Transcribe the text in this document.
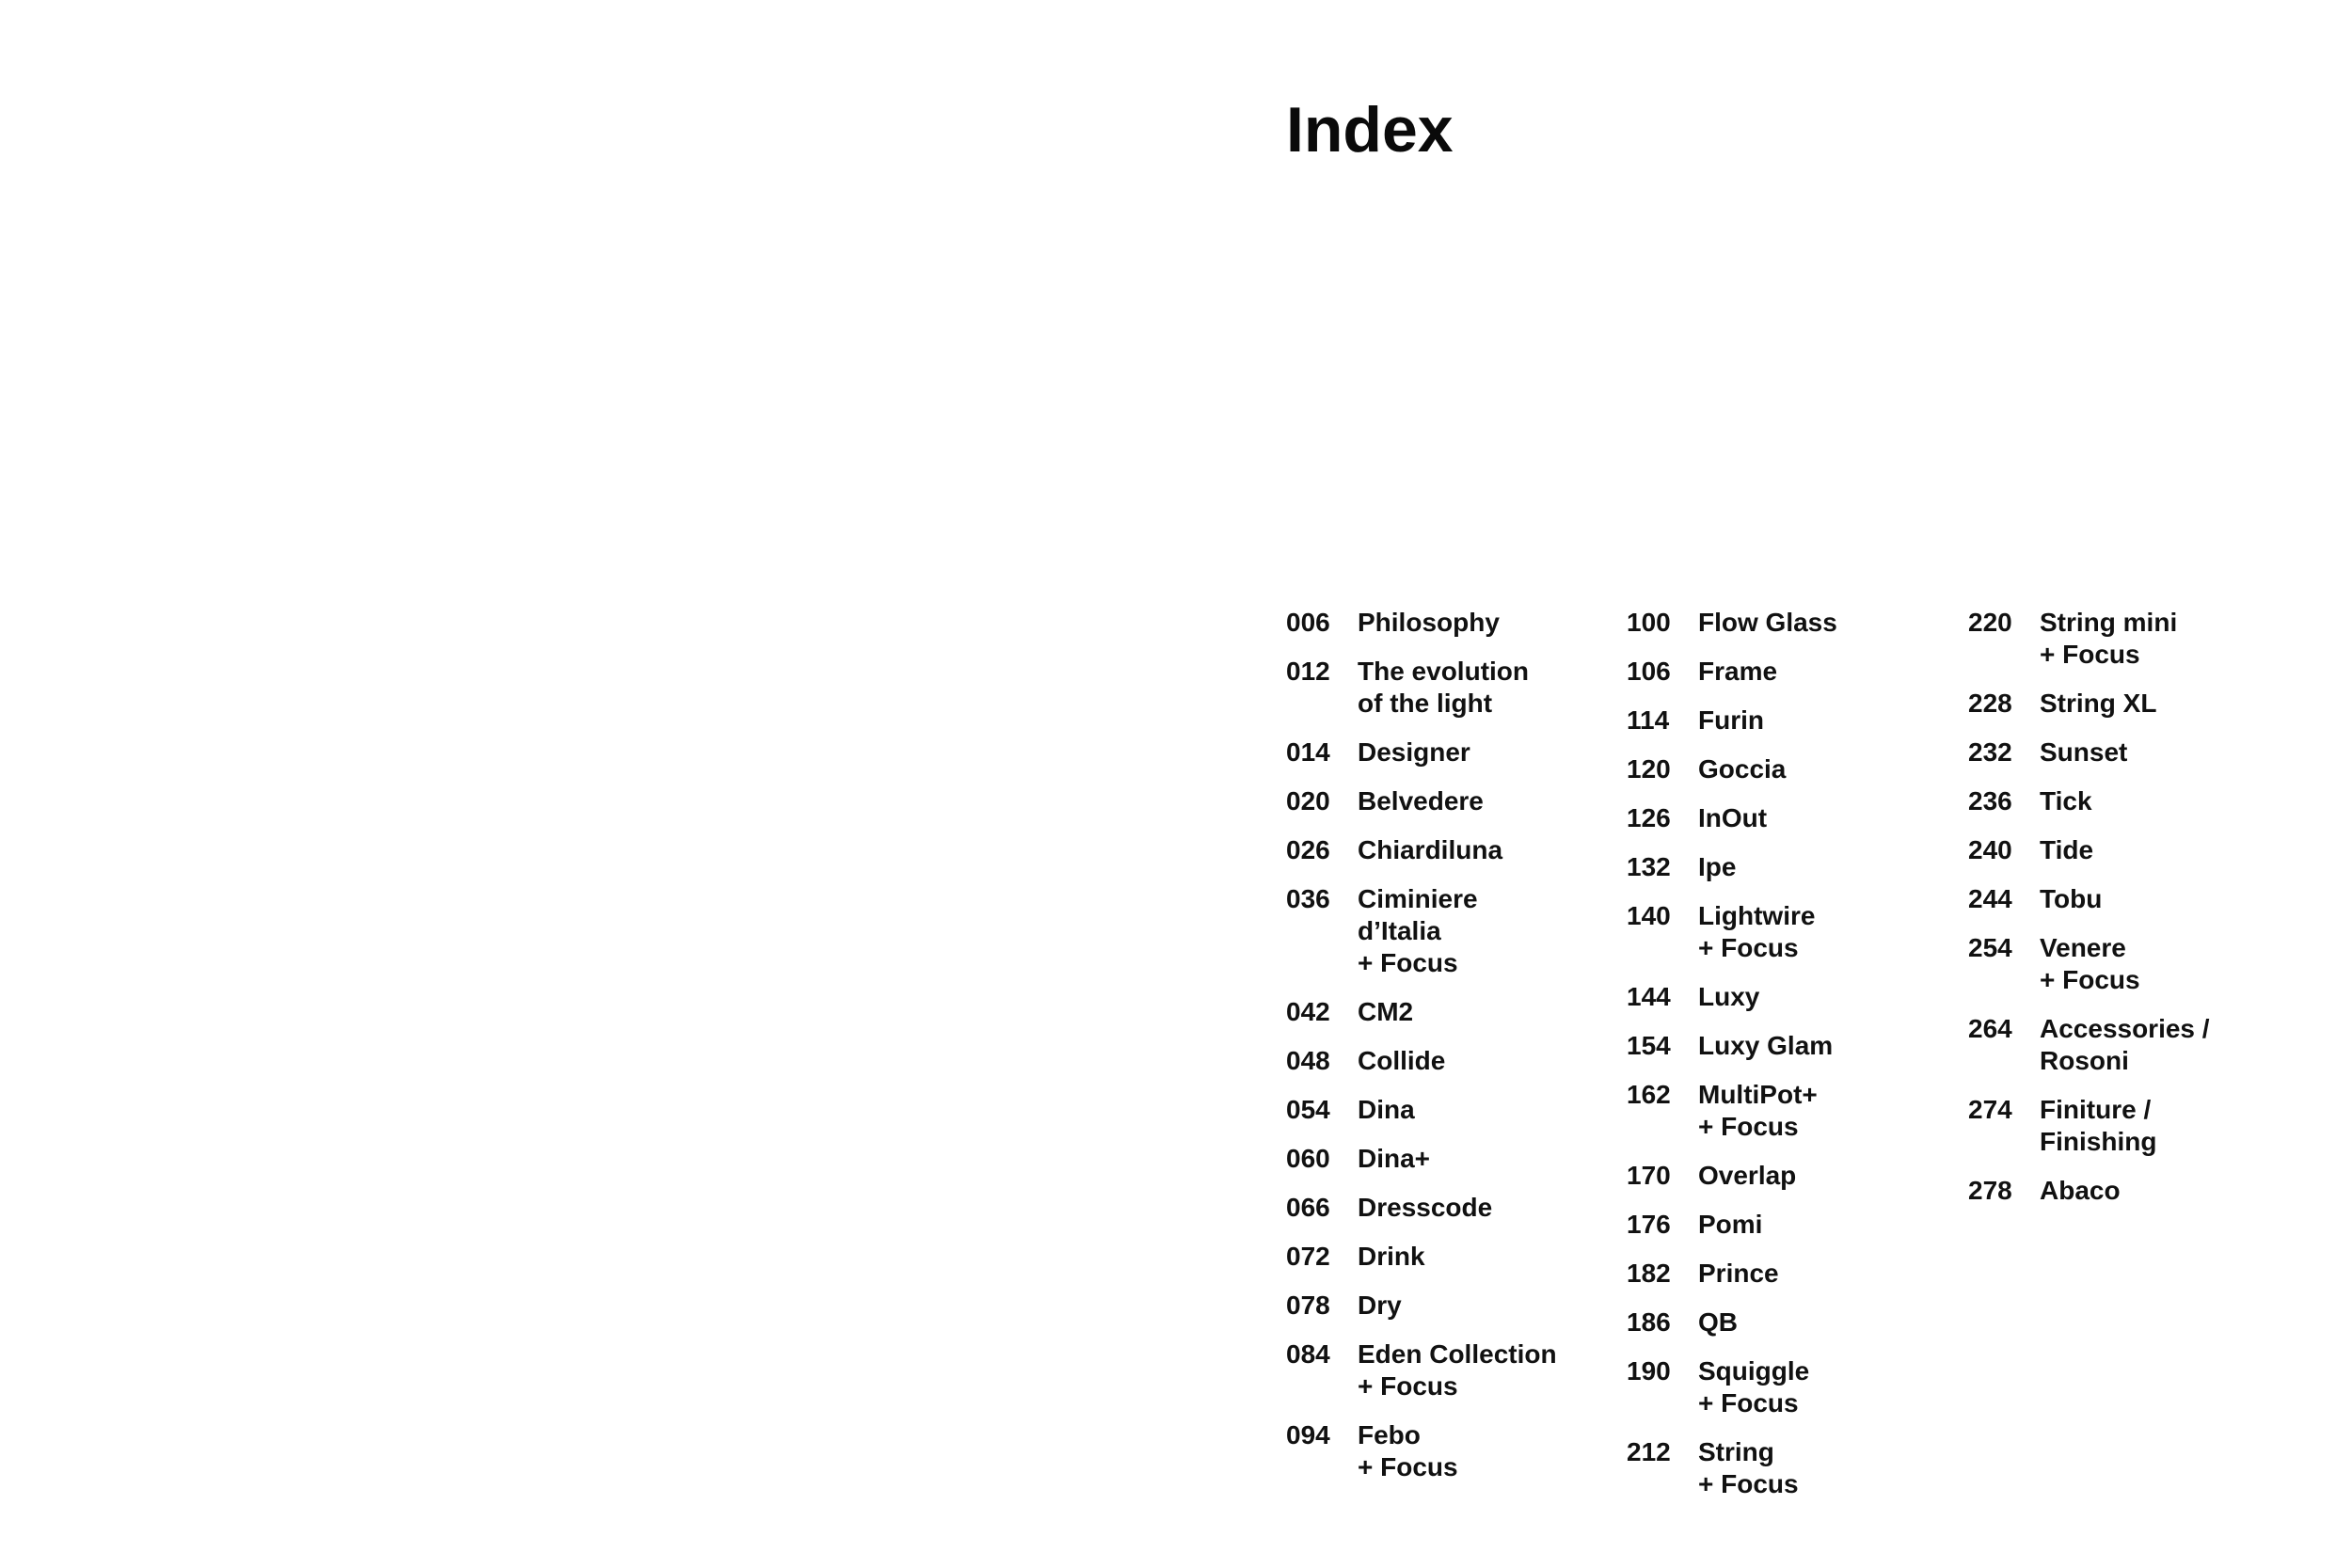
Index
006	Philosophy
012	The evolution
of the light
014	Designer
020	Belvedere
026	Chiardiluna
036	Ciminiere
d’Italia
+ Focus
042	CM2
048	Collide
054	Dina
060	Dina+
066	Dresscode
072	Drink
078	Dry
084	Eden Collection
+ Focus
094	Febo
+ Focus
100	Flow Glass
106	Frame
114	Furin
120	Goccia
126	InOut
132	Ipe
140	Lightwire
+ Focus
144	Luxy
154	Luxy Glam
162	MultiPot+
+ Focus
170	Overlap
176	Pomi
182	Prince
186	QB
190	Squiggle
+ Focus
212	String
+ Focus
220	String mini
+ Focus
228	String XL
232	Sunset
236	Tick
240	Tide
244	Tobu
254	Venere
+ Focus
264	Accessories /
Rosoni
274	Finiture /
Finishing
278	Abaco
